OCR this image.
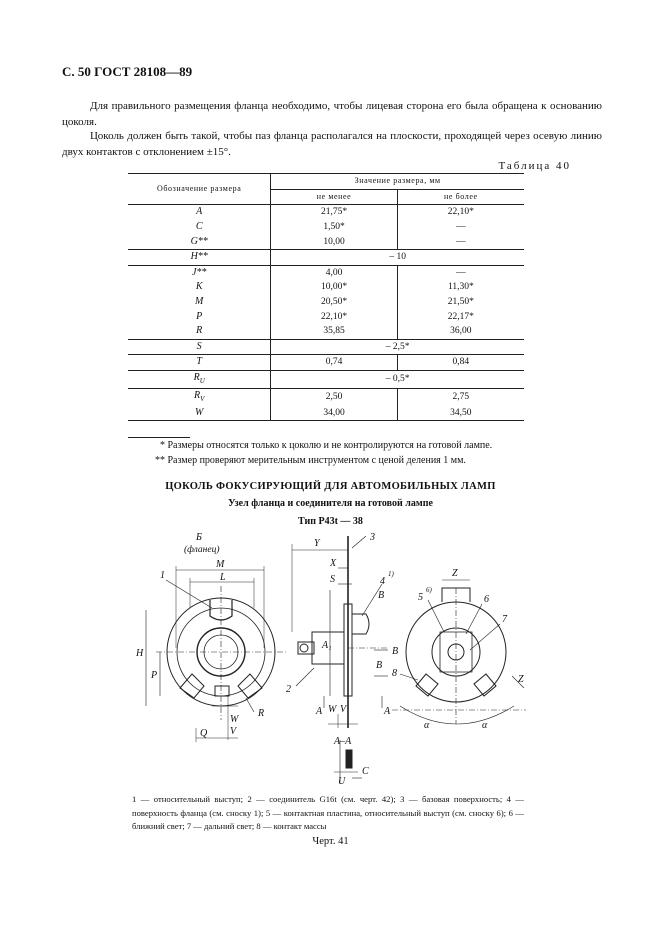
С. 50 ГОСТ 28108—89
Для правильного размещения фланца необходимо, чтобы лицевая сторона его была обращена к основанию цоколя.
Цоколь должен быть такой, чтобы паз фланца располагался на плоскости, проходящей через осевую линию двух контактов с отклонением ±15°.
Таблица 40
Обозначение размера	Значение размера, мм	
	не менее	не более
A	21,75*	22,10*
C	1,50*	—
G**	10,00	—
H**	– 10	
J**	4,00	—
K	10,00*	11,30*
M	20,50*	21,50*
P	22,10*	22,17*
R	35,85	36,00
S	– 2,5*	
T	0,74	0,84
$R_U$	– 0,5*	
$R_V$	2,50	2,75
W	34,00	34,50
* Размеры относятся только к цоколю и не контролируются на готовой лампе.
** Размер проверяют мерительным инструментом с ценой деления 1 мм.
ЦОКОЛЬ ФОКУСИРУЮЩИЙ ДЛЯ АВТОМОБИЛЬНЫХ ЛАМП
Узел фланца и соединителя на готовой лампе
Тип Р43t — 38
Б
(фланец)
1
M
L
H
P
R
Q
W
V
Y
3
X
S	4
1)
В
A₁
В
В
2
A W V	A
A–A
U
C
Z
5
6)
6
7
8
Z
α	α
1 — относительный выступ; 2 — соединитель G16t (см. черт. 42); 3 — базовая поверхность; 4 — поверхность фланца (см. сноску 1); 5 — контактная пластина, относительный выступ (см. сноску 6); 6 — ближний свет; 7 — дальний свет; 8 — контакт массы
Черт. 41
